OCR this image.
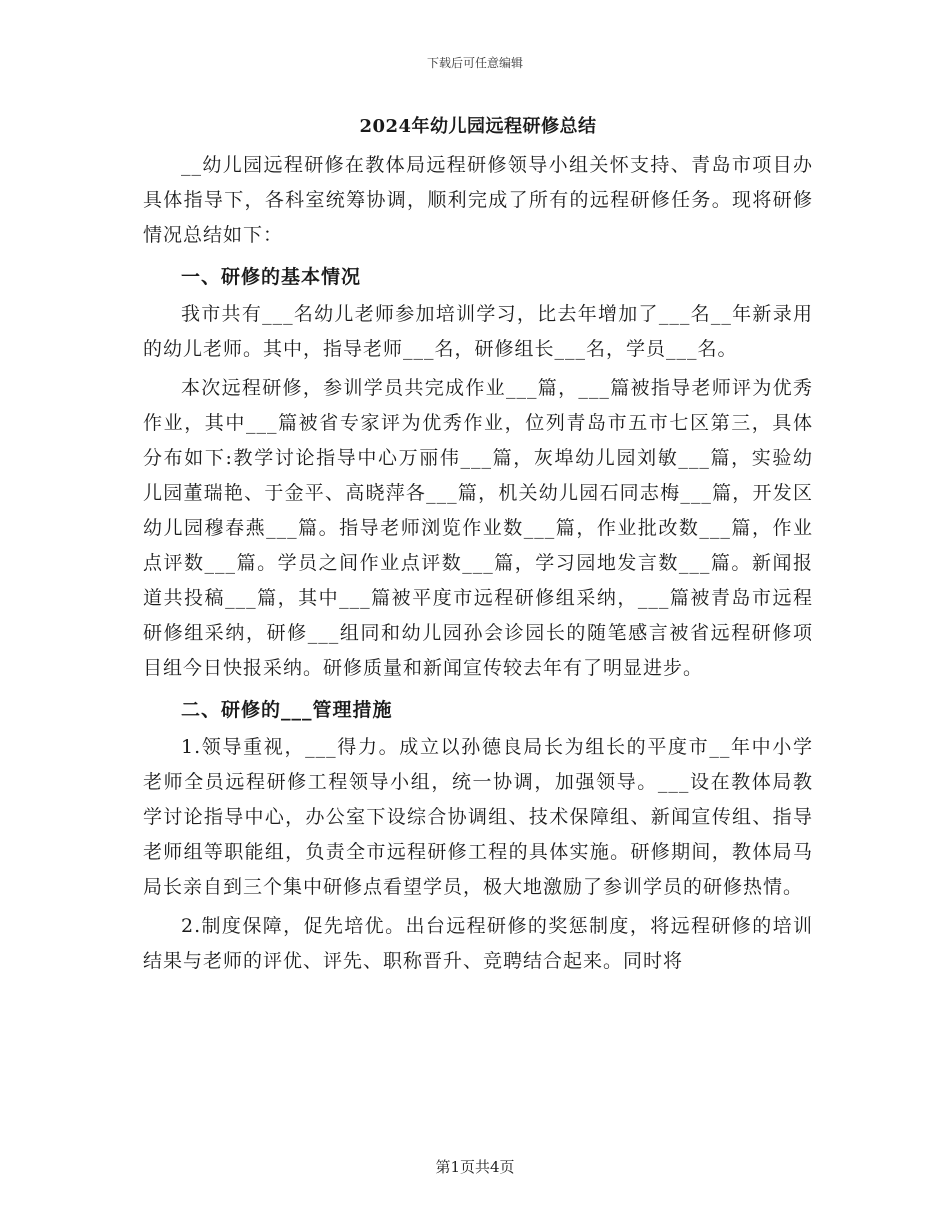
下载后可任意编辑
2024年幼儿园远程研修总结

__幼儿园远程研修在教体局远程研修领导小组关怀支持、青岛市项目办具体指导下，各科室统筹协调，顺利完成了所有的远程研修任务。现将研修情况总结如下：

一、研修的基本情况

我市共有___名幼儿老师参加培训学习，比去年增加了___名__年新录用的幼儿老师。其中，指导老师___名，研修组长___名，学员___名。

本次远程研修，参训学员共完成作业___篇，___篇被指导老师评为优秀作业，其中___篇被省专家评为优秀作业，位列青岛市五市七区第三，具体分布如下:教学讨论指导中心万丽伟___篇，灰埠幼儿园刘敏___篇，实验幼儿园董瑞艳、于金平、高晓萍各___篇，机关幼儿园石同志梅___篇，开发区幼儿园穆春燕___篇。指导老师浏览作业数___篇，作业批改数___篇，作业点评数___篇。学员之间作业点评数___篇，学习园地发言数___篇。新闻报道共投稿___篇，其中___篇被平度市远程研修组采纳，___篇被青岛市远程研修组采纳，研修___组同和幼儿园孙会诊园长的随笔感言被省远程研修项目组今日快报采纳。研修质量和新闻宣传较去年有了明显进步。

二、研修的___管理措施

1.领导重视，___得力。成立以孙德良局长为组长的平度市__年中小学老师全员远程研修工程领导小组，统一协调，加强领导。___设在教体局教学讨论指导中心，办公室下设综合协调组、技术保障组、新闻宣传组、指导老师组等职能组，负责全市远程研修工程的具体实施。研修期间，教体局马局长亲自到三个集中研修点看望学员，极大地激励了参训学员的研修热情。

2.制度保障，促先培优。出台远程研修的奖惩制度，将远程研修的培训结果与老师的评优、评先、职称晋升、竞聘结合起来。同时将

第1页共4页
